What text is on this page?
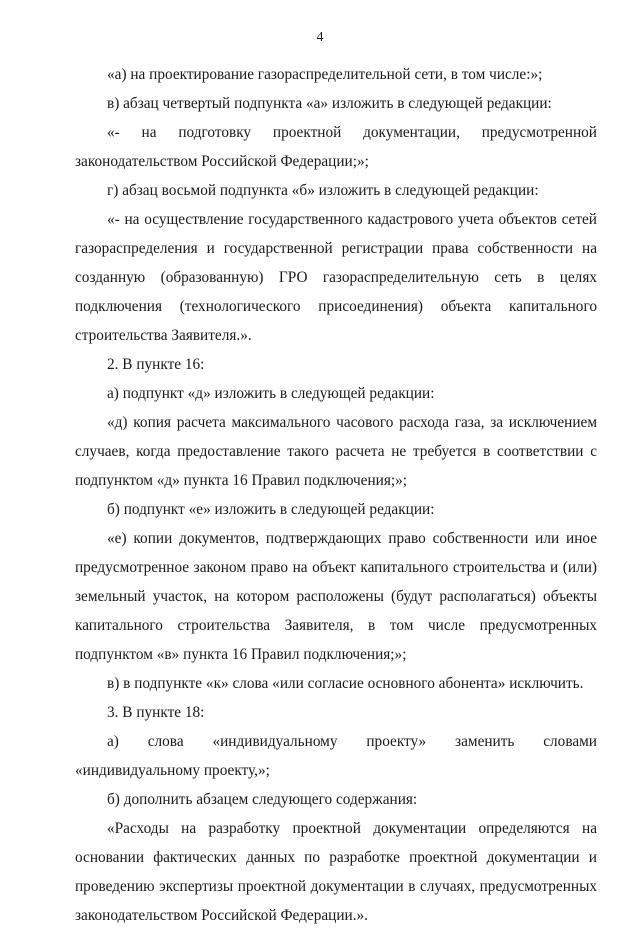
4

«а) на проектирование газораспределительной сети, в том числе:»;

в) абзац четвертый подпункта «а» изложить в следующей редакции:

«- на подготовку проектной документации, предусмотренной законодательством Российской Федерации;»;

г) абзац восьмой подпункта «б» изложить в следующей редакции:

«- на осуществление государственного кадастрового учета объектов сетей газораспределения и государственной регистрации права собственности на созданную (образованную) ГРО газораспределительную сеть в целях подключения (технологического присоединения) объекта капитального строительства Заявителя.».

2. В пункте 16:

а) подпункт «д» изложить в следующей редакции:

«д) копия расчета максимального часового расхода газа, за исключением случаев, когда предоставление такого расчета не требуется в соответствии с подпунктом «д» пункта 16 Правил подключения;»;

б) подпункт «е» изложить в следующей редакции:

«е) копии документов, подтверждающих право собственности или иное предусмотренное законом право на объект капитального строительства и (или) земельный участок, на котором расположены (будут располагаться) объекты капитального строительства Заявителя, в том числе предусмотренных подпунктом «в» пункта 16 Правил подключения;»;

в) в подпункте «к» слова «или согласие основного абонента» исключить.

3. В пункте 18:

а) слова «индивидуальному проекту» заменить словами «индивидуальному проекту,»;

б) дополнить абзацем следующего содержания:

«Расходы на разработку проектной документации определяются на основании фактических данных по разработке проектной документации и проведению экспертизы проектной документации в случаях, предусмотренных законодательством Российской Федерации.».
